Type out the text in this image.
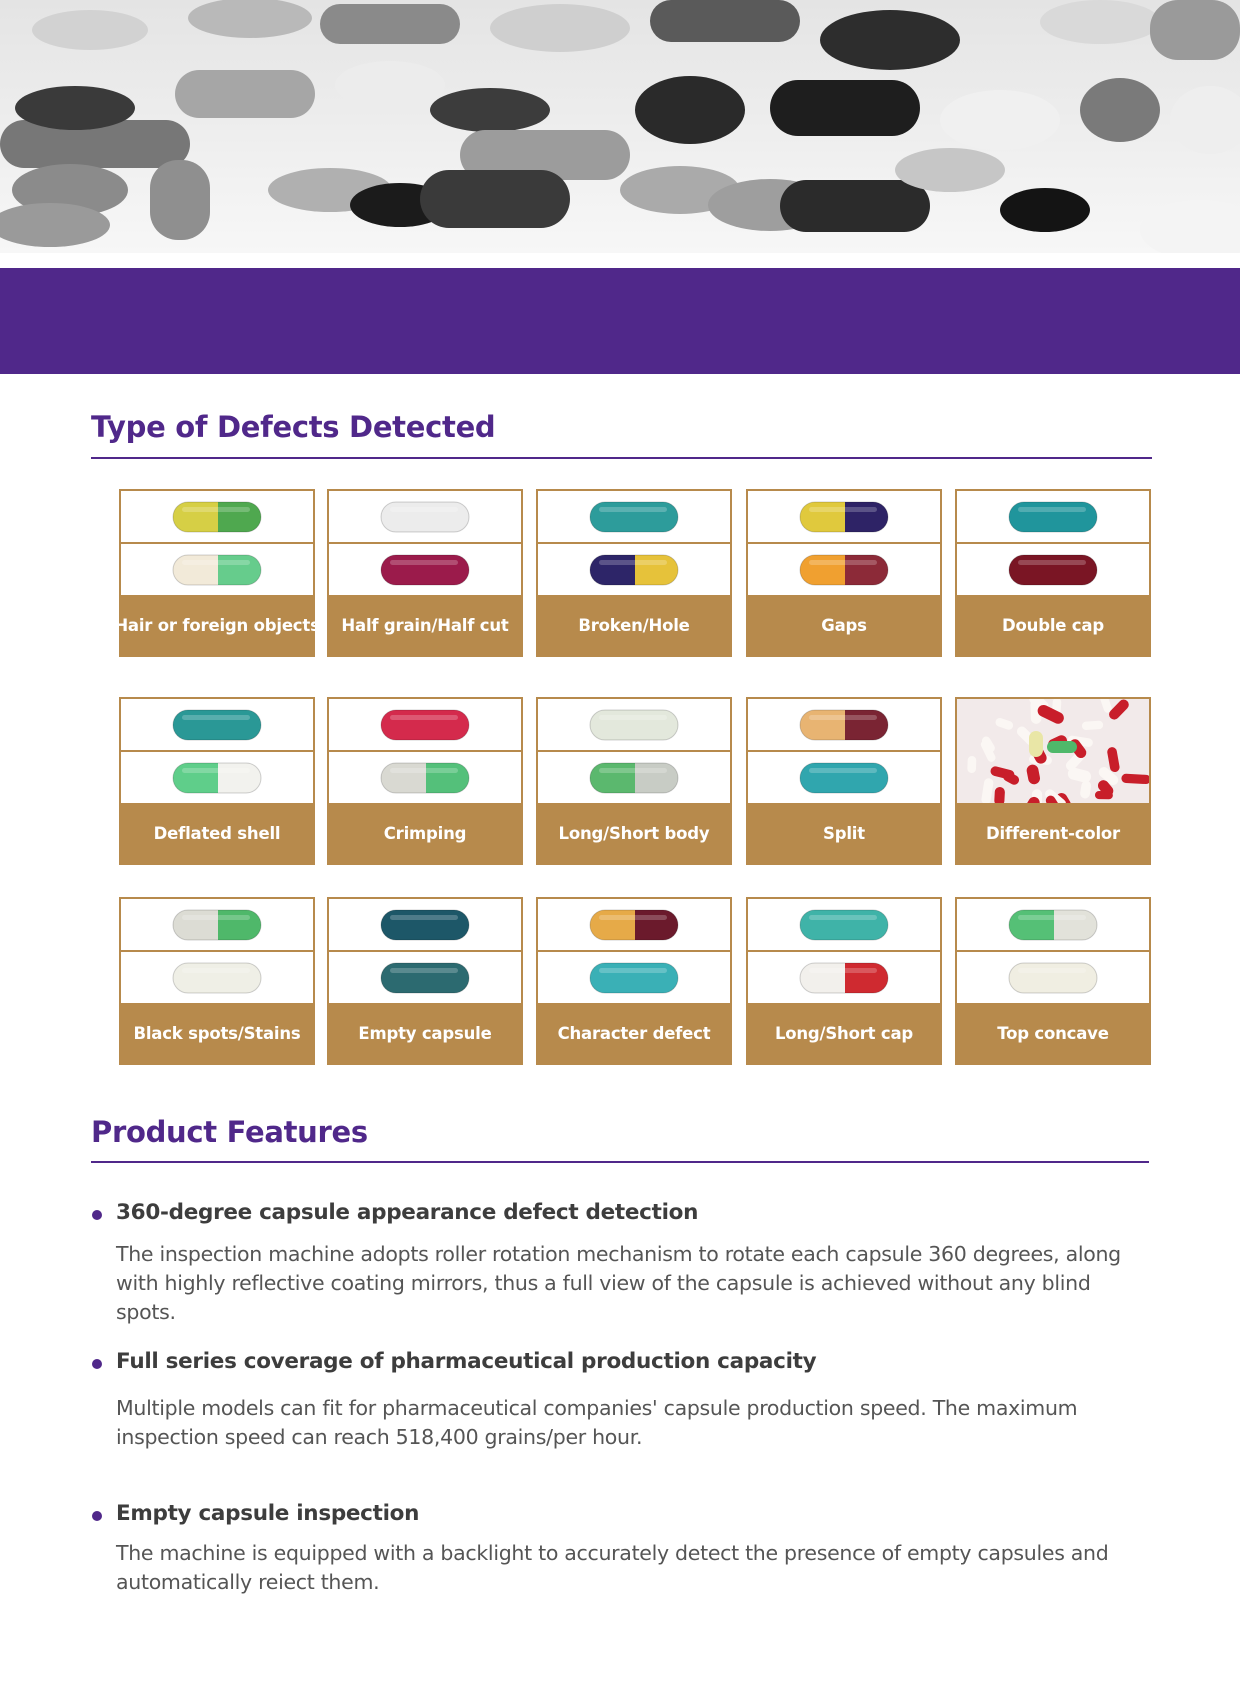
Type of Defects Detected
Hair or foreign objects	Half grain/Half cut	Broken/Hole	Gaps	Double cap
Deflated shell	Crimping	Long/Short body	Split	Different-color
Black spots/Stains	Empty capsule	Character defect	Long/Short cap	Top concave
Product Features
360-degree capsule appearance defect detection

The inspection machine adopts roller rotation mechanism to rotate each capsule 360 degrees, along with highly reflective coating mirrors, thus a full view of the capsule is achieved without any blind spots.

Full series coverage of pharmaceutical production capacity

Multiple models can fit for pharmaceutical companies' capsule production speed. The maximum inspection speed can reach 518,400 grains/per hour.

Empty capsule inspection

The machine is equipped with a backlight to accurately detect the presence of empty capsules and automatically reiect them.
